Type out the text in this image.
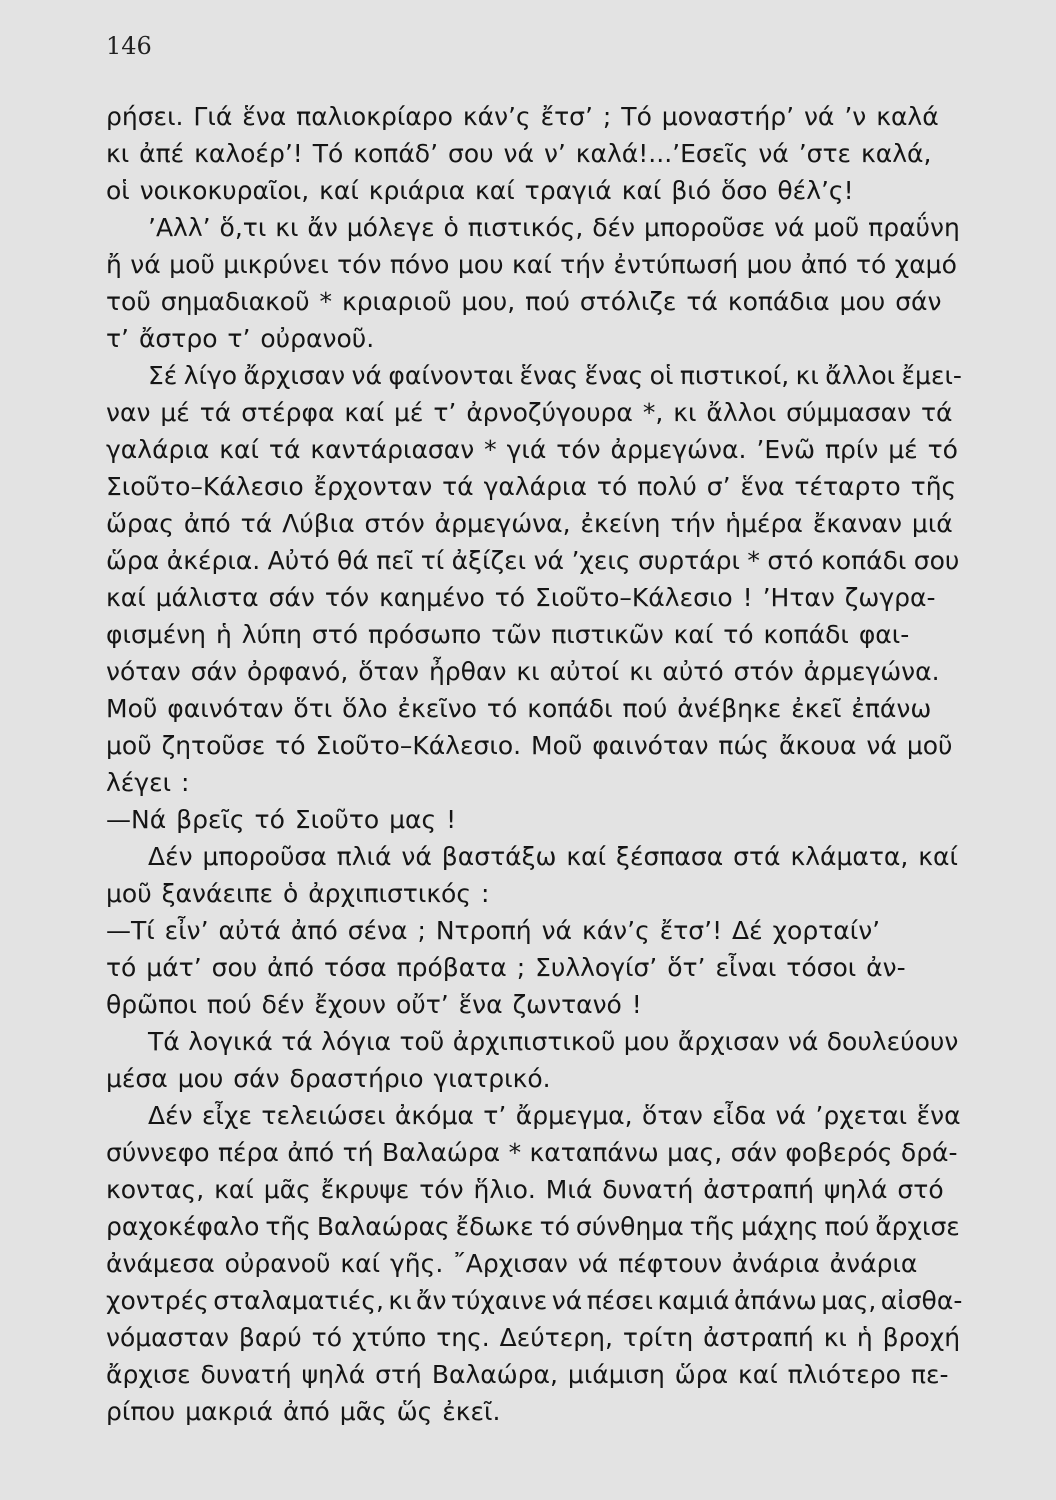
146
ρήσει. Γιά ἕνα παλιοκρίαρο κάν’ς ἔτσ’ ; Τό μοναστήρ’ νά ’ν καλά
κι ἀπέ καλοέρ’! Τό κοπάδ’ σου νά ν’ καλά!...’Εσεῖς νά ’στε καλά,
οἱ νοικοκυραῖοι, καί κριάρια καί τραγιά καί βιό ὅσο θέλ’ς!
’Αλλ’ ὅ,τι κι ἄν μόλεγε ὁ πιστικός, δέν μποροῦσε νά μοῦ πραΰνη
ἤ νά μοῦ μικρύνει τόν πόνο μου καί τήν ἐντύπωσή μου ἀπό τό χαμό
τοῦ σημαδιακοῦ * κριαριοῦ μου, πού στόλιζε τά κοπάδια μου σάν
τ’ ἄστρο τ’ οὐρανοῦ.
Σέ λίγο ἄρχισαν νά φαίνονται ἕνας ἕνας οἱ πιστικοί, κι ἄλλοι ἔμει-
ναν μέ τά στέρφα καί μέ τ’ ἀρνοζύγουρα *, κι ἄλλοι σύμμασαν τά
γαλάρια καί τά καντάριασαν * γιά τόν ἀρμεγώνα. ’Ενῶ πρίν μέ τό
Σιοῦτο–Κάλεσιο ἔρχονταν τά γαλάρια τό πολύ σ’ ἕνα τέταρτο τῆς
ὥρας ἀπό τά Λύβια στόν ἀρμεγώνα, ἐκείνη τήν ἡμέρα ἔκαναν μιά
ὥρα ἀκέρια. Αὐτό θά πεῖ τί ἀξίζει νά ’χεις συρτάρι * στό κοπάδι σου
καί μάλιστα σάν τόν καημένο τό Σιοῦτο–Κάλεσιο ! ’Ηταν ζωγρα-
φισμένη ἡ λύπη στό πρόσωπο τῶν πιστικῶν καί τό κοπάδι φαι-
νόταν σάν ὀρφανό, ὅταν ἦρθαν κι αὐτοί κι αὐτό στόν ἀρμεγώνα.
Μοῦ φαινόταν ὅτι ὅλο ἐκεῖνο τό κοπάδι πού ἀνέβηκε ἐκεῖ ἐπάνω
μοῦ ζητοῦσε τό Σιοῦτο–Κάλεσιο. Μοῦ φαινόταν πώς ἄκουα νά μοῦ
λέγει :
—Νά βρεῖς τό Σιοῦτο μας !
Δέν μποροῦσα πλιά νά βαστάξω καί ξέσπασα στά κλάματα, καί
μοῦ ξανάειπε ὁ ἀρχιπιστικός :
—Τί εἶν’ αὐτά ἀπό σένα ; Ντροπή νά κάν’ς ἔτσ’! Δέ χορταίν’
τό μάτ’ σου ἀπό τόσα πρόβατα ; Συλλογίσ’ ὅτ’ εἶναι τόσοι ἀν-
θρῶποι πού δέν ἔχουν οὔτ’ ἕνα ζωντανό !
Τά λογικά τά λόγια τοῦ ἀρχιπιστικοῦ μου ἄρχισαν νά δουλεύουν
μέσα μου σάν δραστήριο γιατρικό.
Δέν εἶχε τελειώσει ἀκόμα τ’ ἄρμεγμα, ὅταν εἶδα νά ’ρχεται ἕνα
σύννεφο πέρα ἀπό τή Βαλαώρα * καταπάνω μας, σάν φοβερός δρά-
κοντας, καί μᾶς ἔκρυψε τόν ἥλιο. Μιά δυνατή ἀστραπή ψηλά στό
ραχοκέφαλο τῆς Βαλαώρας ἔδωκε τό σύνθημα τῆς μάχης πού ἄρχισε
ἀνάμεσα οὐρανοῦ καί γῆς. ῎Αρχισαν νά πέφτουν ἀνάρια ἀνάρια
χοντρές σταλαματιές, κι ἄν τύχαινε νά πέσει καμιά ἀπάνω μας, αἰσθα-
νόμασταν βαρύ τό χτύπο της. Δεύτερη, τρίτη ἀστραπή κι ἡ βροχή
ἄρχισε δυνατή ψηλά στή Βαλαώρα, μιάμιση ὥρα καί πλιότερο πε-
ρίπου μακριά ἀπό μᾶς ὥς ἐκεῖ.
